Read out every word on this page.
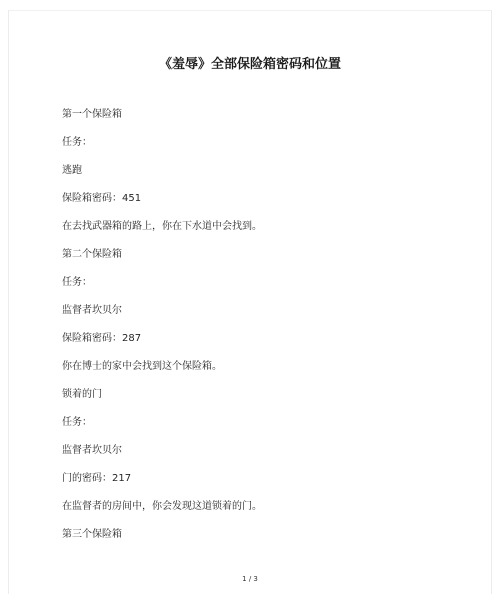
《羞辱》全部保险箱密码和位置
第一个保险箱
任务：
逃跑
保险箱密码：451
在去找武器箱的路上，你在下水道中会找到。
第二个保险箱
任务：
监督者坎贝尔
保险箱密码：287
你在博士的家中会找到这个保险箱。
锁着的门
任务：
监督者坎贝尔
门的密码：217
在监督者的房间中，你会发现这道锁着的门。
第三个保险箱
1 / 3
